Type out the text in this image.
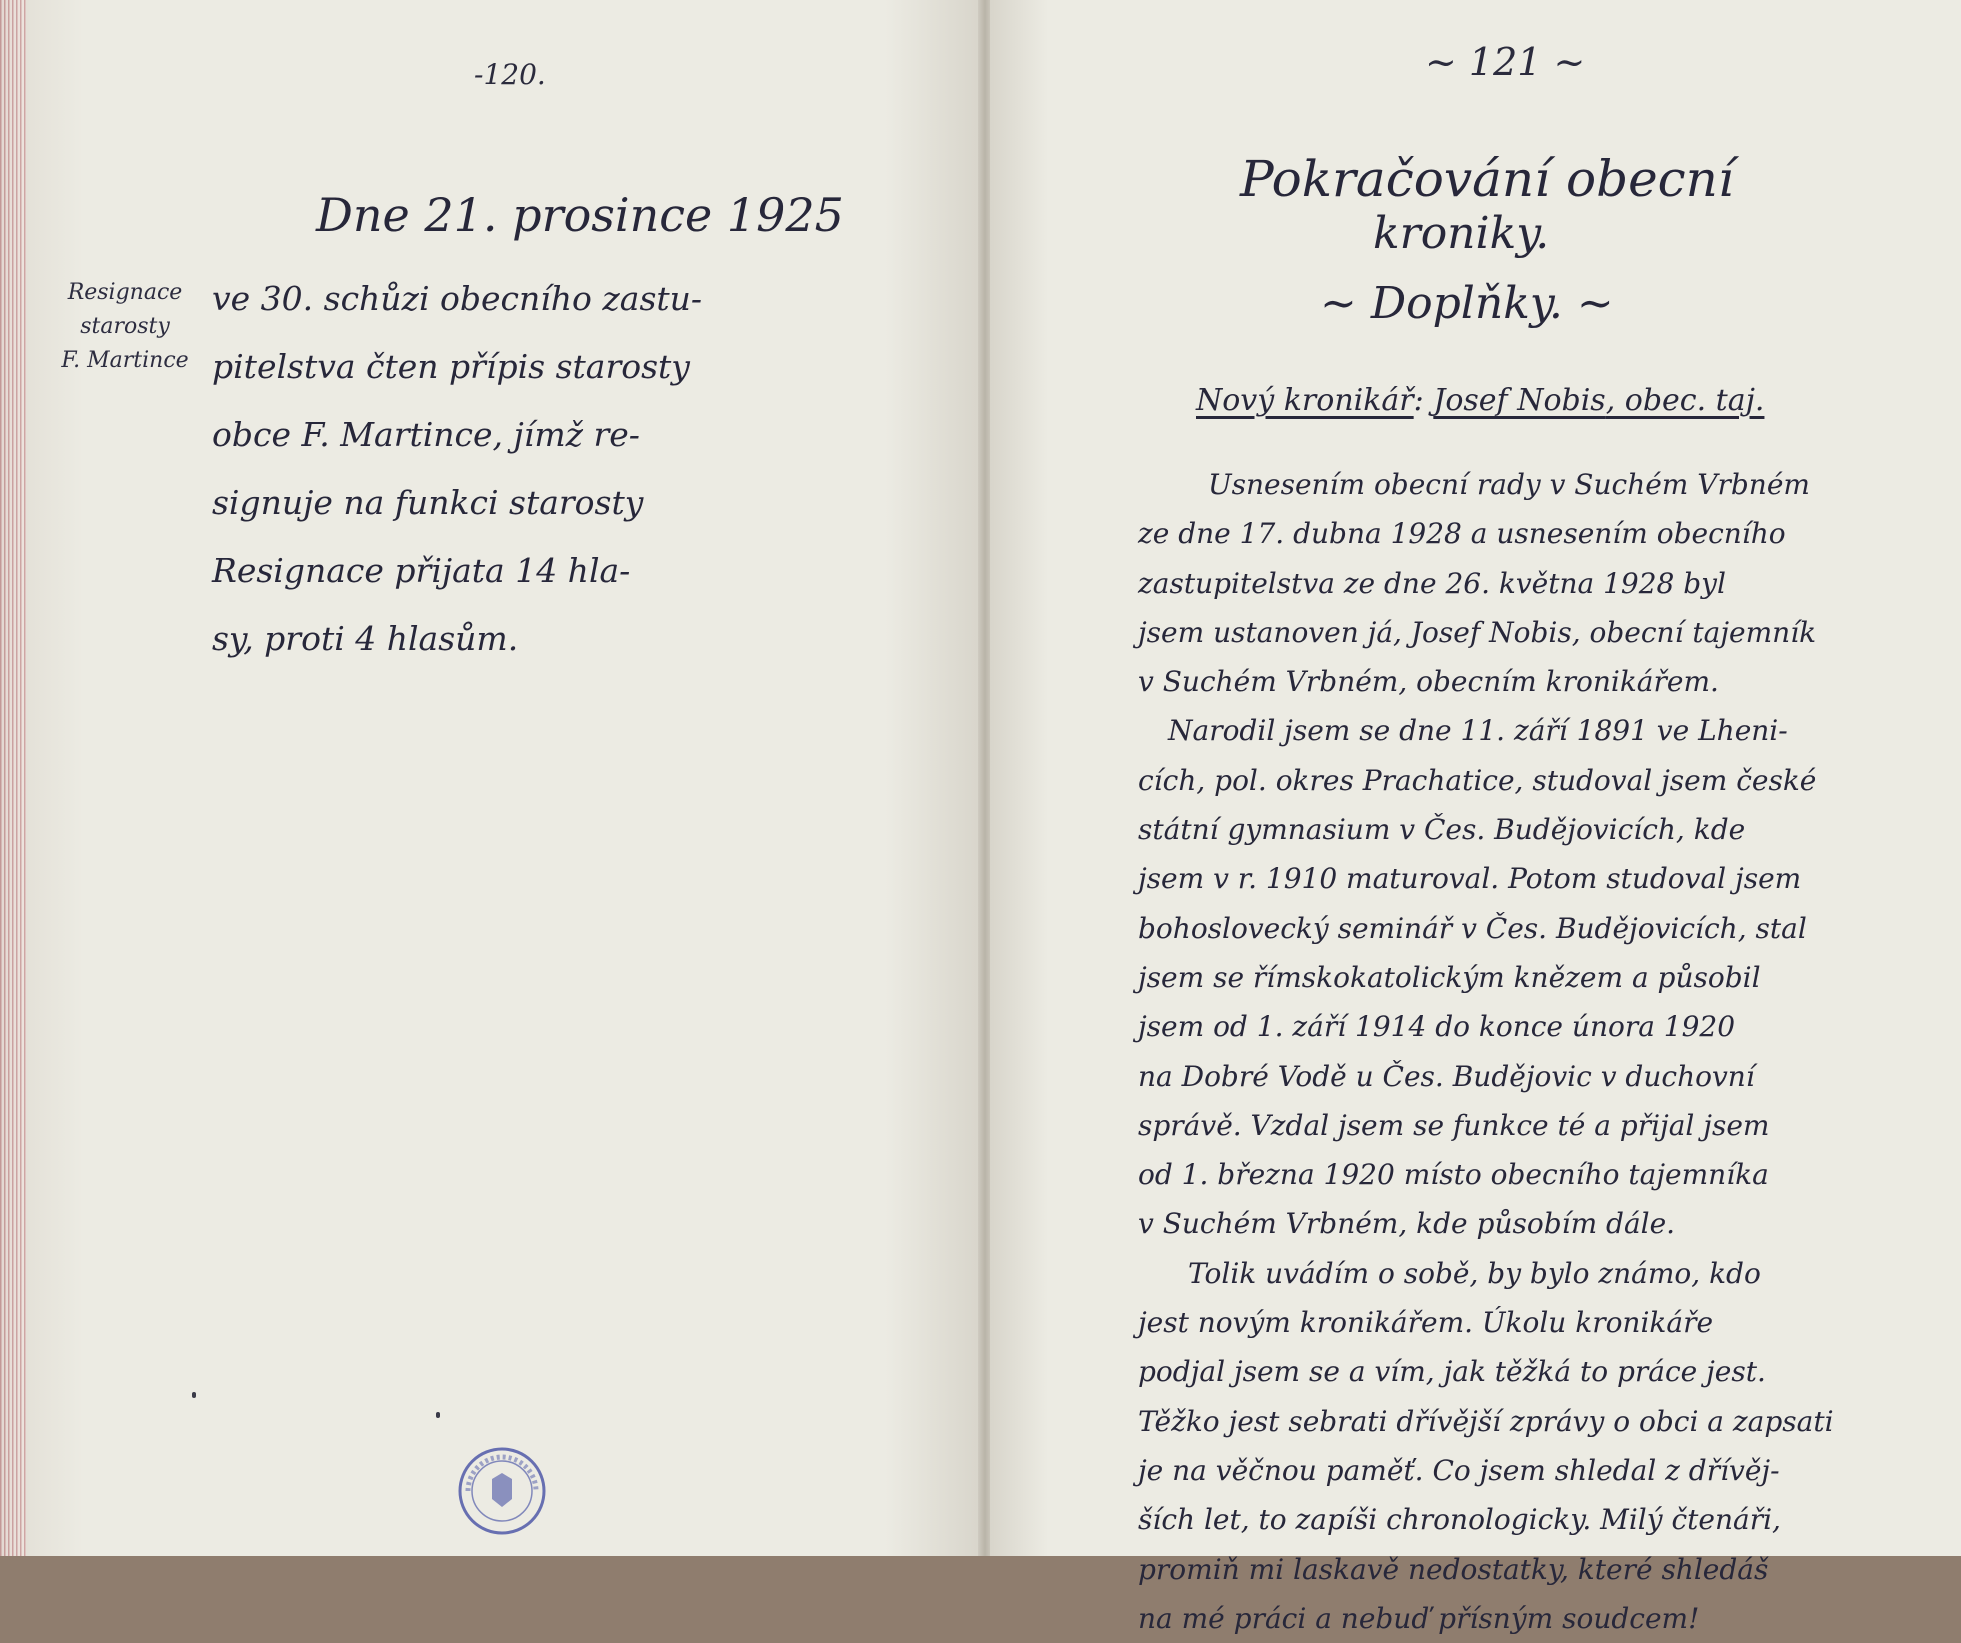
-120.
Dne 21. prosince 1925
Resignace
starosty
F. Martince
ve 30. schůzi obecního zastu-
pitelstva čten přípis starosty
obce F. Martince, jímž re-
signuje na funkci starosty
Resignace přijata 14 hla-
sy, proti 4 hlasům.
~ 121 ~
Pokračování obecní
kroniky.
~ Doplňky. ~
Nový kronikář: Josef Nobis, obec. taj.
Usnesením obecní rady v Suchém Vrbném
ze dne 17. dubna 1928 a usnesením obecního
zastupitelstva ze dne 26. května 1928 byl
jsem ustanoven já, Josef Nobis, obecní tajemník
v Suchém Vrbném, obecním kronikářem.
Narodil jsem se dne 11. září 1891 ve Lheni-
cích, pol. okres Prachatice, studoval jsem české
státní gymnasium v Čes. Budějovicích, kde
jsem v r. 1910 maturoval. Potom studoval jsem
bohoslovecký seminář v Čes. Budějovicích, stal
jsem se římskokatolickým knězem a působil
jsem od 1. září 1914 do konce února 1920
na Dobré Vodě u Čes. Budějovic v duchovní
správě. Vzdal jsem se funkce té a přijal jsem
od 1. března 1920 místo obecního tajemníka
v Suchém Vrbném, kde působím dále.
Tolik uvádím o sobě, by bylo známo, kdo
jest novým kronikářem. Úkolu kronikáře
podjal jsem se a vím, jak těžká to práce jest.
Těžko jest sebrati dřívější zprávy o obci a zapsati
je na věčnou paměť. Co jsem shledal z dřívěj-
ších let, to zapíši chronologicky. Milý čtenáři,
promiň mi laskavě nedostatky, které shledáš
na mé práci a nebuď přísným soudcem!
